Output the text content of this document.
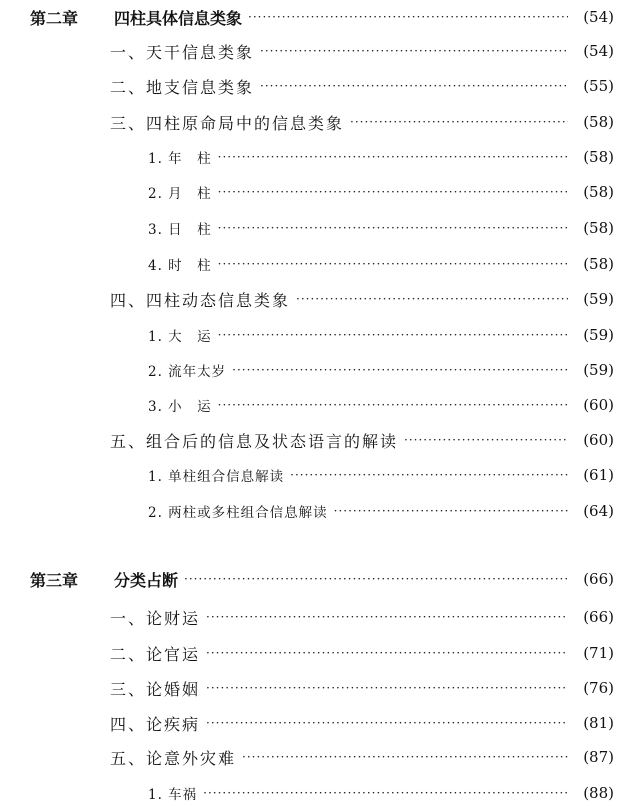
第二章 四柱具体信息类象 ·····	(54)
一、天干信息类象 ·····	(54)
二、地支信息类象 ·····	(55)
三、四柱原命局中的信息类象 ·····	(58)
1. 年　柱 ·····	(58)
2. 月　柱 ·····	(58)
3. 日　柱 ·····	(58)
4. 时　柱 ·····	(58)
四、四柱动态信息类象 ·····	(59)
1. 大　运 ·····	(59)
2. 流年太岁 ·····	(59)
3. 小　运 ·····	(60)
五、组合后的信息及状态语言的解读 ·····	(60)
1. 单柱组合信息解读 ·····	(61)
2. 两柱或多柱组合信息解读 ·····	(64)
第三章 分类占断 ·····	(66)
一、论财运 ·····	(66)
二、论官运 ·····	(71)
三、论婚姻 ·····	(76)
四、论疾病 ·····	(81)
五、论意外灾难 ·····	(87)
1. 车祸 ·····	(88)
